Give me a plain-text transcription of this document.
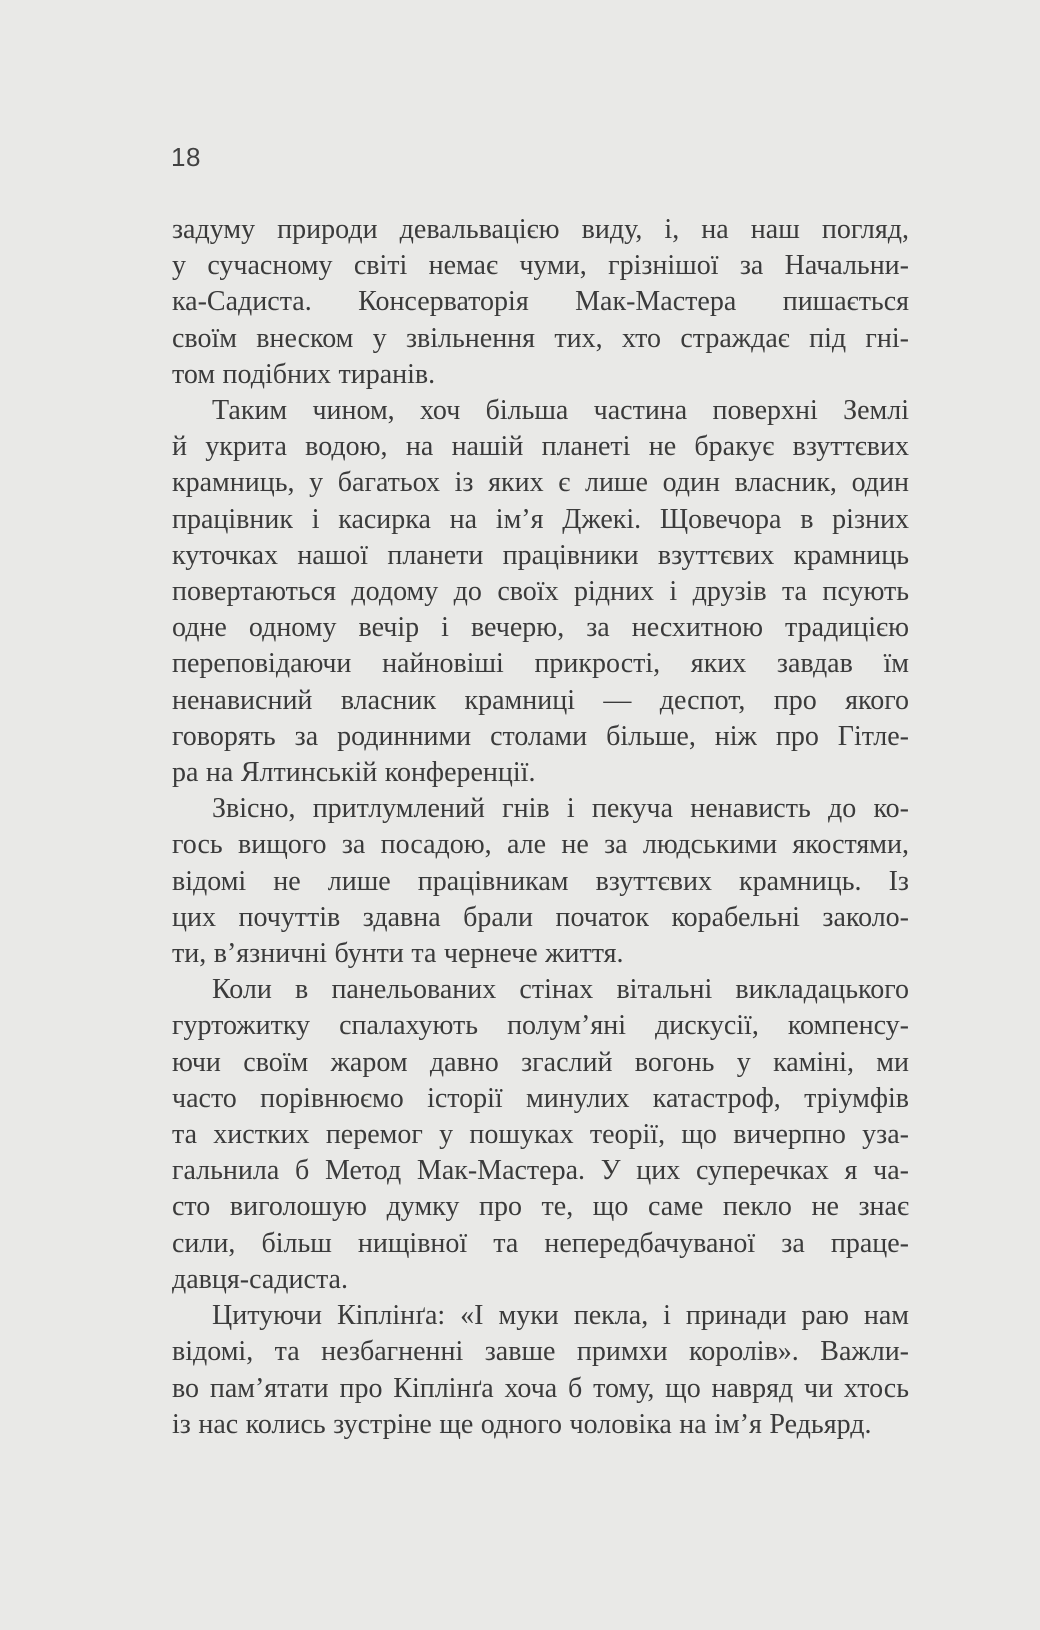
18
задуму природи девальвацією виду, і, на наш погляд,
у сучасному світі немає чуми, грізнішої за Начальни-
ка-Садиста. Консерваторія Мак-Мастера пишається
своїм внеском у звільнення тих, хто страждає під гні-
том подібних тиранів.
Таким чином, хоч більша частина поверхні Землі
й укрита водою, на нашій планеті не бракує взуттєвих
крамниць, у багатьох із яких є лише один власник, один
працівник і касирка на ім’я Джекі. Щовечора в різних
куточках нашої планети працівники взуттєвих крамниць
повертаються додому до своїх рідних і друзів та псують
одне одному вечір і вечерю, за несхитною традицією
переповідаючи найновіші прикрості, яких завдав їм
ненависний власник крамниці — деспот, про якого
говорять за родинними столами більше, ніж про Гітле-
ра на Ялтинській конференції.
Звісно, притлумлений гнів і пекуча ненависть до ко-
гось вищого за посадою, але не за людськими якостями,
відомі не лише працівникам взуттєвих крамниць. Із
цих почуттів здавна брали початок корабельні заколо-
ти, в’язничні бунти та чернече життя.
Коли в панельованих стінах вітальні викладацького
гуртожитку спалахують полум’яні дискусії, компенсу-
ючи своїм жаром давно згаслий вогонь у каміні, ми
часто порівнюємо історії минулих катастроф, тріумфів
та хистких перемог у пошуках теорії, що вичерпно уза-
гальнила б Метод Мак-Мастера. У цих суперечках я ча-
сто виголошую думку про те, що саме пекло не знає
сили, більш нищівної та непередбачуваної за праце-
давця-садиста.
Цитуючи Кіплінґа: «І муки пекла, і принади раю нам
відомі, та незбагненні завше примхи королів». Важли-
во пам’ятати про Кіплінґа хоча б тому, що навряд чи хтось
із нас колись зустріне ще одного чоловіка на ім’я Редьярд.
